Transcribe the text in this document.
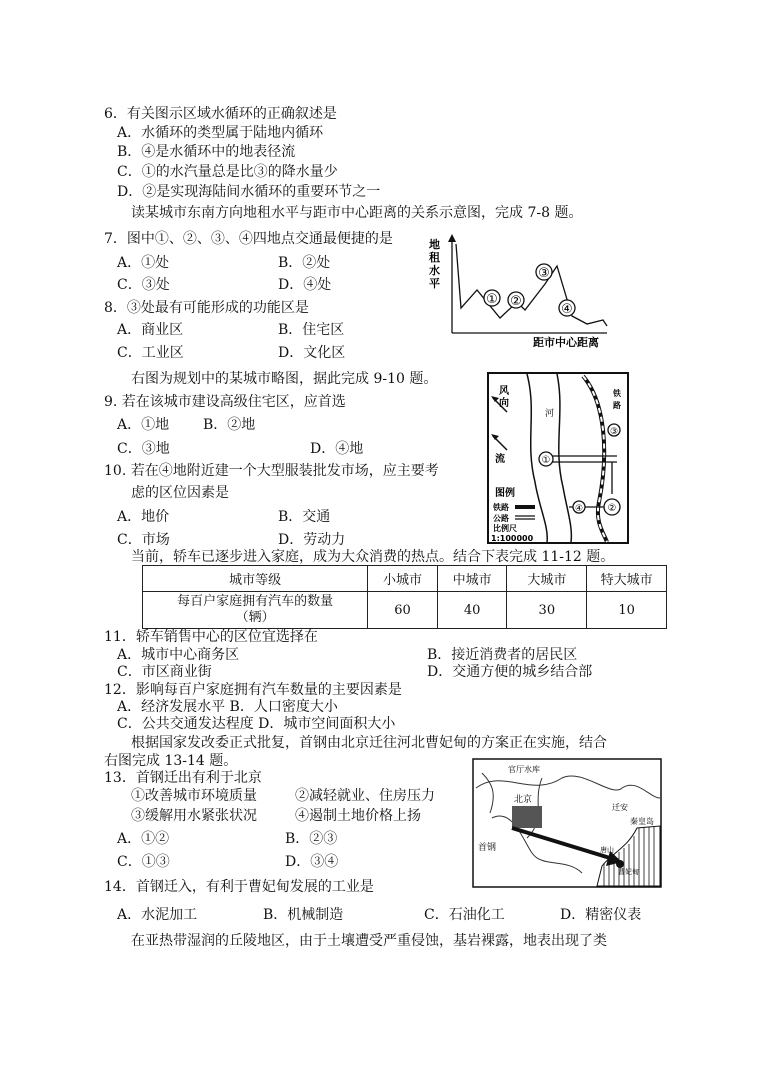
6．有关图示区域水循环的正确叙述是
A．水循环的类型属于陆地内循环
B．④是水循环中的地表径流
C．①的水汽量总是比③的降水量少
D．②是实现海陆间水循环的重要环节之一
读某城市东南方向地租水平与距市中心距离的关系示意图，完成 7-8 题。
7．图中①、②、③、④四地点交通最便捷的是
A．①处	B．②处
C．③处	D．④处
8．③处最有可能形成的功能区是
A．商业区	B．住宅区
C．工业区	D．文化区
地
租
水
平
① ②
③
④
距市中心距离
右图为规划中的某城市略图，据此完成 9-10 题。
9. 若在该城市建设高级住宅区，应首选
A．①地 B．②地
C．③地	D．④地
10. 若在④地附近建一个大型服装批发市场，应主要考
虑的区位因素是
A．地价	B．交通
C．市场	D．劳动力
风
向
河
流
铁
路
①
②
③
④
图例
铁路
公路
比例尺
1:100000
当前，轿车已逐步进入家庭，成为大众消费的热点。结合下表完成 11-12 题。
城市等级	小城市	中城市	大城市	特大城市

每百户家庭拥有汽车的数量
（辆）	60	40	30	10
11．轿车销售中心的区位宜选择在
A．城市中心商务区	B．接近消费者的居民区
C．市区商业街	D．交通方便的城乡结合部
12．影响每百户家庭拥有汽车数量的主要因素是
A．经济发展水平 B．人口密度大小
C．公共交通发达程度 D．城市空间面积大小
根据国家发改委正式批复，首钢由北京迁往河北曹妃甸的方案正在实施，结合
右图完成 13-14 题。
13．首钢迁出有利于北京
①改善城市环境质量	②减轻就业、住房压力
③缓解用水紧张状况	④遏制土地价格上扬
A．①②	B．②③
C．①③	D．③④
官厅水库
北京
迁安
秦皇岛
首钢	唐山
曹妃甸
14．首钢迁入，有利于曹妃甸发展的工业是
A．水泥加工	B．机械制造	C．石油化工	D．精密仪表
在亚热带湿润的丘陵地区，由于土壤遭受严重侵蚀，基岩裸露，地表出现了类
